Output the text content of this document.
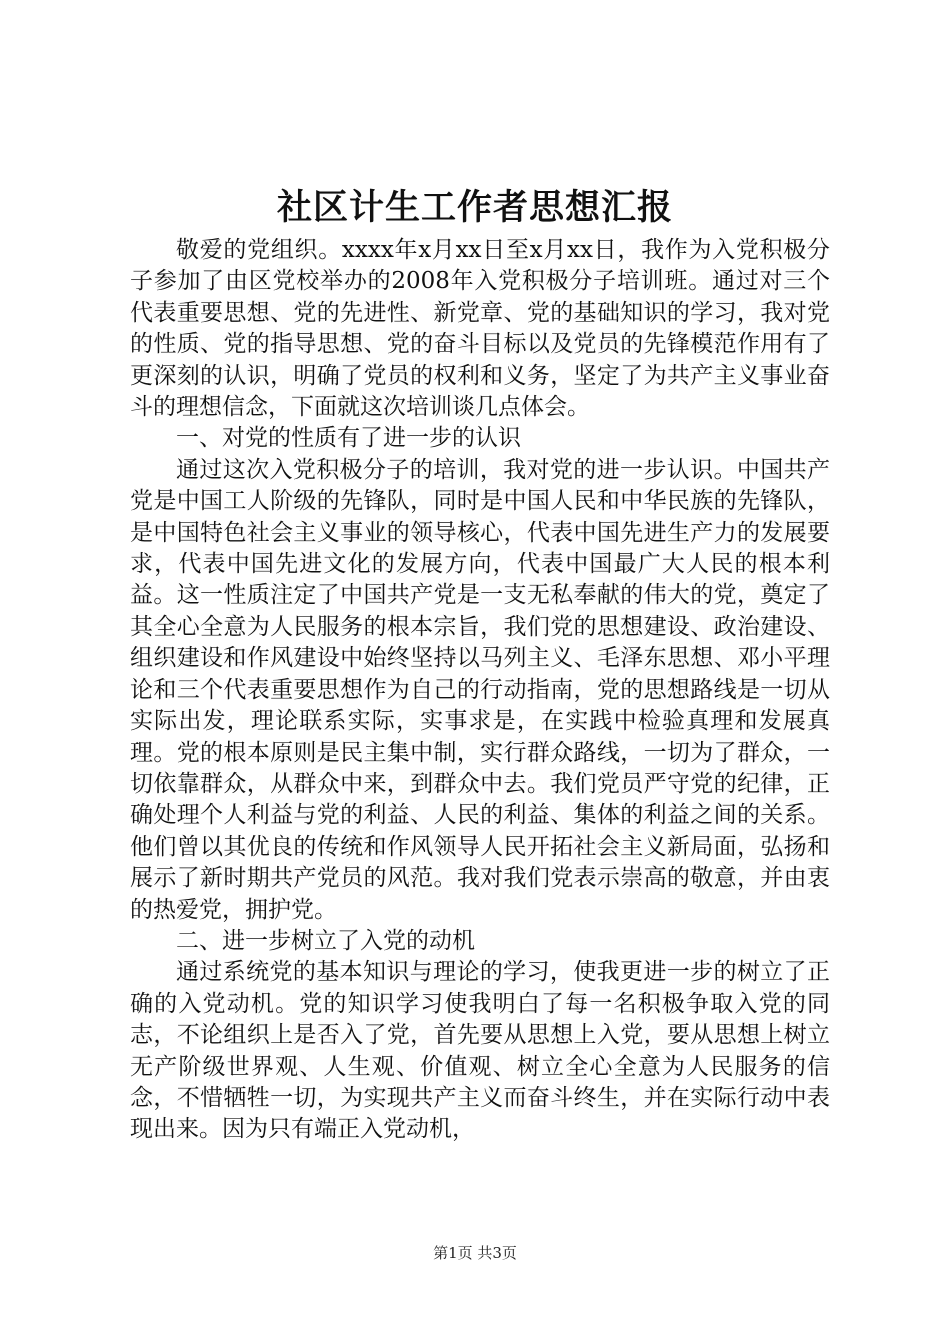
社区计生工作者思想汇报

敬爱的党组织。xxxx年x月xx日至x月xx日，我作为入党积极分子参加了由区党校举办的2008年入党积极分子培训班。通过对三个代表重要思想、党的先进性、新党章、党的基础知识的学习，我对党的性质、党的指导思想、党的奋斗目标以及党员的先锋模范作用有了更深刻的认识，明确了党员的权利和义务，坚定了为共产主义事业奋斗的理想信念，下面就这次培训谈几点体会。

一、对党的性质有了进一步的认识

通过这次入党积极分子的培训，我对党的进一步认识。中国共产党是中国工人阶级的先锋队，同时是中国人民和中华民族的先锋队，是中国特色社会主义事业的领导核心，代表中国先进生产力的发展要求，代表中国先进文化的发展方向，代表中国最广大人民的根本利益。这一性质注定了中国共产党是一支无私奉献的伟大的党，奠定了其全心全意为人民服务的根本宗旨，我们党的思想建设、政治建设、组织建设和作风建设中始终坚持以马列主义、毛泽东思想、邓小平理论和三个代表重要思想作为自己的行动指南，党的思想路线是一切从实际出发，理论联系实际，实事求是，在实践中检验真理和发展真理。党的根本原则是民主集中制，实行群众路线，一切为了群众，一切依靠群众，从群众中来，到群众中去。我们党员严守党的纪律，正确处理个人利益与党的利益、人民的利益、集体的利益之间的关系。他们曾以其优良的传统和作风领导人民开拓社会主义新局面，弘扬和展示了新时期共产党员的风范。我对我们党表示崇高的敬意，并由衷的热爱党，拥护党。

二、进一步树立了入党的动机

通过系统党的基本知识与理论的学习，使我更进一步的树立了正确的入党动机。党的知识学习使我明白了每一名积极争取入党的同志，不论组织上是否入了党，首先要从思想上入党，要从思想上树立无产阶级世界观、人生观、价值观、树立全心全意为人民服务的信念，不惜牺牲一切，为实现共产主义而奋斗终生，并在实际行动中表现出来。因为只有端正入党动机，

第1页 共3页
